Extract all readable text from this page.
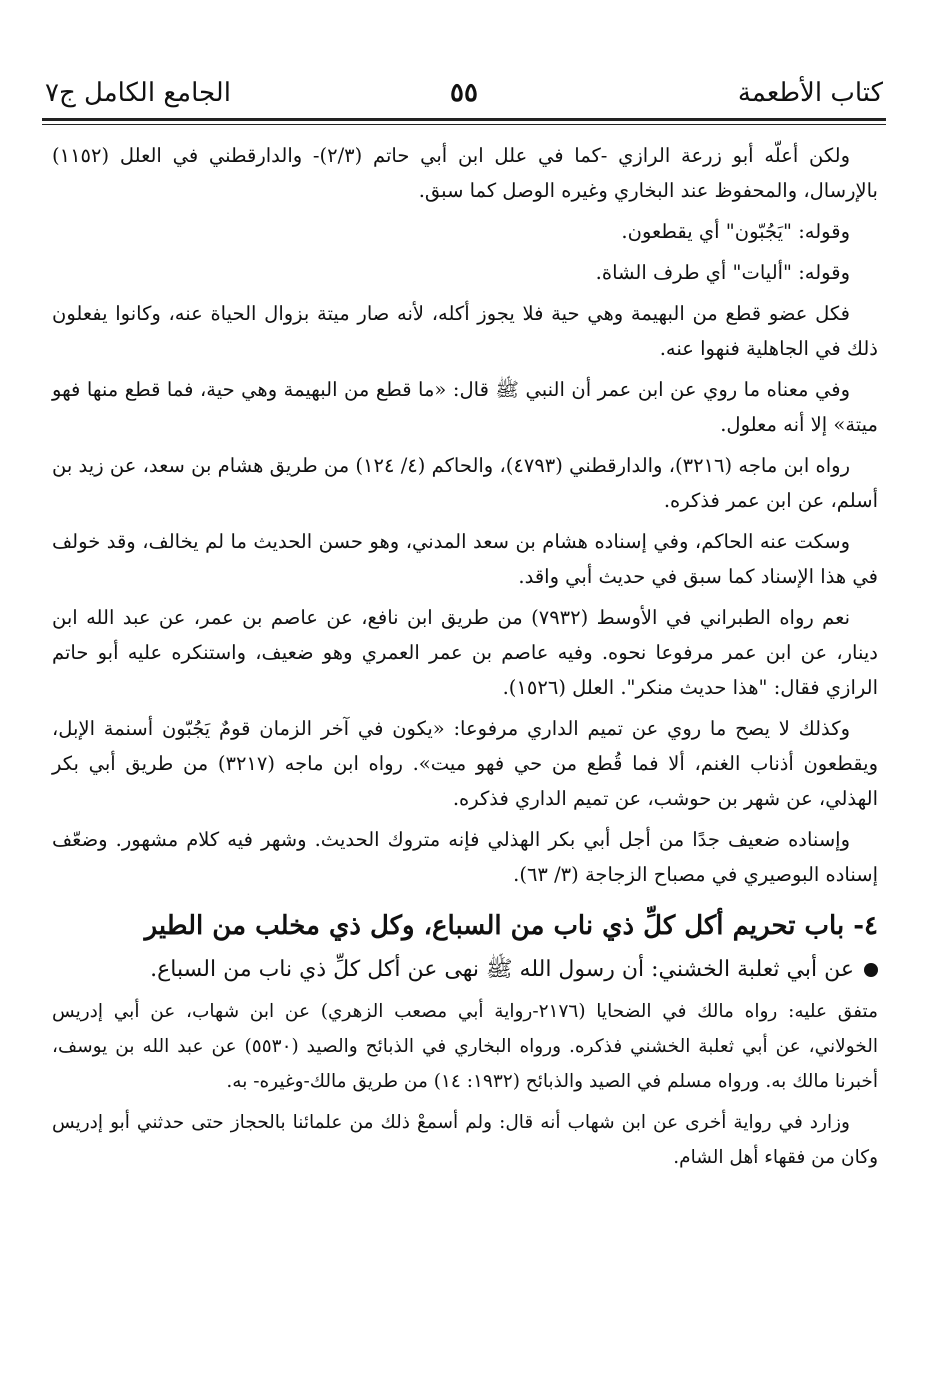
كتاب الأطعمة
٥٥
الجامع الكامل ج٧

ولكن أعلّه أبو زرعة الرازي -كما في علل ابن أبي حاتم (٢/٣)- والدارقطني في العلل (١١٥٢) بالإرسال، والمحفوظ عند البخاري وغيره الوصل كما سبق.

وقوله: "يَجُبّون" أي يقطعون.

وقوله: "أليات" أي طرف الشاة.

فكل عضو قطع من البهيمة وهي حية فلا يجوز أكله، لأنه صار ميتة بزوال الحياة عنه، وكانوا يفعلون ذلك في الجاهلية فنهوا عنه.

وفي معناه ما روي عن ابن عمر أن النبي ﷺ قال: «ما قطع من البهيمة وهي حية، فما قطع منها فهو ميتة» إلا أنه معلول.

رواه ابن ماجه (٣٢١٦)، والدارقطني (٤٧٩٣)، والحاكم (٤/ ١٢٤) من طريق هشام بن سعد، عن زيد بن أسلم، عن ابن عمر فذكره.

وسكت عنه الحاكم، وفي إسناده هشام بن سعد المدني، وهو حسن الحديث ما لم يخالف، وقد خولف في هذا الإسناد كما سبق في حديث أبي واقد.

نعم رواه الطبراني في الأوسط (٧٩٣٢) من طريق ابن نافع، عن عاصم بن عمر، عن عبد الله ابن دينار، عن ابن عمر مرفوعا نحوه. وفيه عاصم بن عمر العمري وهو ضعيف، واستنكره عليه أبو حاتم الرازي فقال: "هذا حديث منكر". العلل (١٥٢٦).

وكذلك لا يصح ما روي عن تميم الداري مرفوعا: «يكون في آخر الزمان قومٌ يَجُبّون أسنمة الإبل، ويقطعون أذناب الغنم، ألا فما قُطع من حي فهو ميت». رواه ابن ماجه (٣٢١٧) من طريق أبي بكر الهذلي، عن شهر بن حوشب، عن تميم الداري فذكره.

وإسناده ضعيف جدًا من أجل أبي بكر الهذلي فإنه متروك الحديث. وشهر فيه كلام مشهور. وضعّف إسناده البوصيري في مصباح الزجاجة (٣/ ٦٣).

٤- باب تحريم أكل كلِّ ذي ناب من السباع، وكل ذي مخلب من الطير
عن أبي ثعلبة الخشني: أن رسول الله ﷺ نهى عن أكل كلِّ ذي ناب من السباع.

متفق عليه: رواه مالك في الضحايا (٢١٧٦-رواية أبي مصعب الزهري) عن ابن شهاب، عن أبي إدريس الخولاني، عن أبي ثعلبة الخشني فذكره. ورواه البخاري في الذبائح والصيد (٥٥٣٠) عن عبد الله بن يوسف، أخبرنا مالك به. ورواه مسلم في الصيد والذبائح (١٩٣٢: ١٤) من طريق مالك-وغيره- به.

وزارد في رواية أخرى عن ابن شهاب أنه قال: ولم أسمعْ ذلك من علمائنا بالحجاز حتى حدثني أبو إدريس وكان من فقهاء أهل الشام.
